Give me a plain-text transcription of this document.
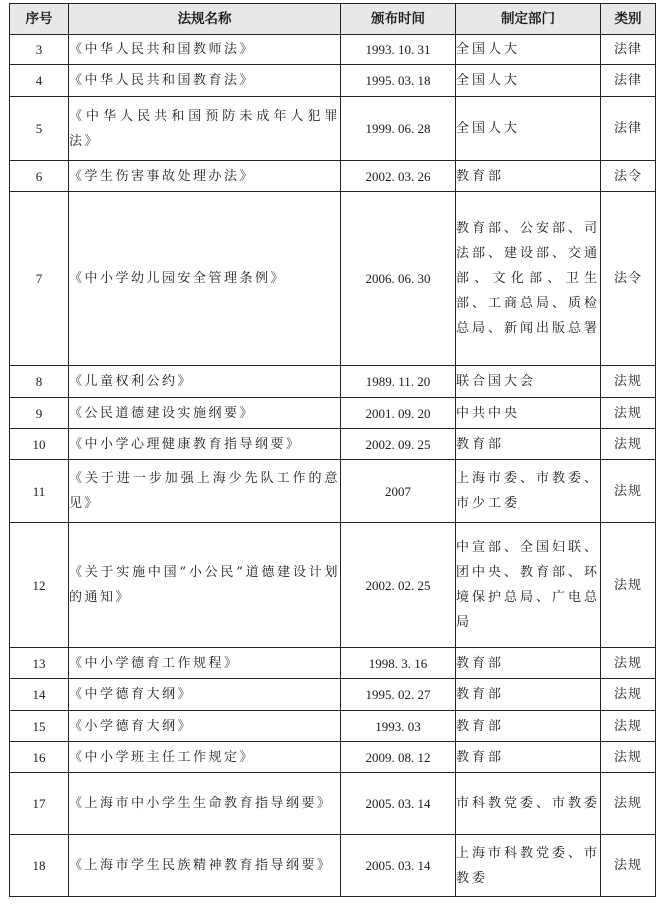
序号	法规名称	颁布时间	制定部门	类别
3	《中华人民共和国教师法》	1993. 10. 31	全国人大	法律
4	《中华人民共和国教育法》	1995. 03. 18	全国人大	法律
5	《中华人民共和国预防未成年人犯罪法》	1999. 06. 28	全国人大	法律
6	《学生伤害事故处理办法》	2002. 03. 26	教育部	法令
7	《中小学幼儿园安全管理条例》	2006. 06. 30	教育部、公安部、司法部、建设部、交通部、文化部、卫生部、工商总局、质检总局、新闻出版总署	法令
8	《儿童权利公约》	1989. 11. 20	联合国大会	法规
9	《公民道德建设实施纲要》	2001. 09. 20	中共中央	法规
10	《中小学心理健康教育指导纲要》	2002. 09. 25	教育部	法规
11	《关于进一步加强上海少先队工作的意见》	2007	上海市委、市教委、市少工委	法规
12	《关于实施中国“小公民”道德建设计划的通知》	2002. 02. 25	中宣部、全国妇联、团中央、教育部、环境保护总局、广电总局	法规
13	《中小学德育工作规程》	1998. 3. 16	教育部	法规
14	《中学德育大纲》	1995. 02. 27	教育部	法规
15	《小学德育大纲》	1993. 03	教育部	法规
16	《中小学班主任工作规定》	2009. 08. 12	教育部	法规
17	《上海市中小学生生命教育指导纲要》	2005. 03. 14	市科教党委、市教委	法规
18	《上海市学生民族精神教育指导纲要》	2005. 03. 14	上海市科教党委、市教委	法规
